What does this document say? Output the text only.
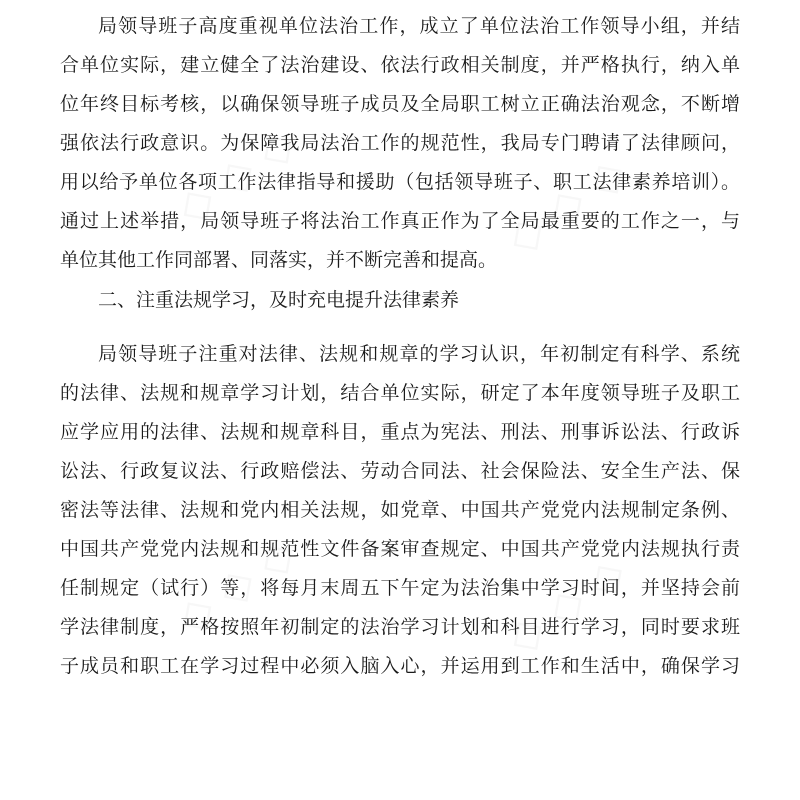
◇ ◇ ◇	◇ ◇ ◇
◇ ◇ ◇	◇ ◇ ◇
局领导班子高度重视单位法治工作，成立了单位法治工作领导小组，并结
合单位实际，建立健全了法治建设、依法行政相关制度，并严格执行，纳入单
位年终目标考核，以确保领导班子成员及全局职工树立正确法治观念，不断增
强依法行政意识。为保障我局法治工作的规范性，我局专门聘请了法律顾问，
用以给予单位各项工作法律指导和援助（包括领导班子、职工法律素养培训）。
通过上述举措，局领导班子将法治工作真正作为了全局最重要的工作之一，与
单位其他工作同部署、同落实，并不断完善和提高。
二、注重法规学习，及时充电提升法律素养
局领导班子注重对法律、法规和规章的学习认识，年初制定有科学、系统
的法律、法规和规章学习计划，结合单位实际，研定了本年度领导班子及职工
应学应用的法律、法规和规章科目，重点为宪法、刑法、刑事诉讼法、行政诉
讼法、行政复议法、行政赔偿法、劳动合同法、社会保险法、安全生产法、保
密法等法律、法规和党内相关法规，如党章、中国共产党党内法规制定条例、
中国共产党党内法规和规范性文件备案审查规定、中国共产党党内法规执行责
任制规定（试行）等，将每月末周五下午定为法治集中学习时间，并坚持会前
学法律制度，严格按照年初制定的法治学习计划和科目进行学习，同时要求班
子成员和职工在学习过程中必须入脑入心，并运用到工作和生活中，确保学习
